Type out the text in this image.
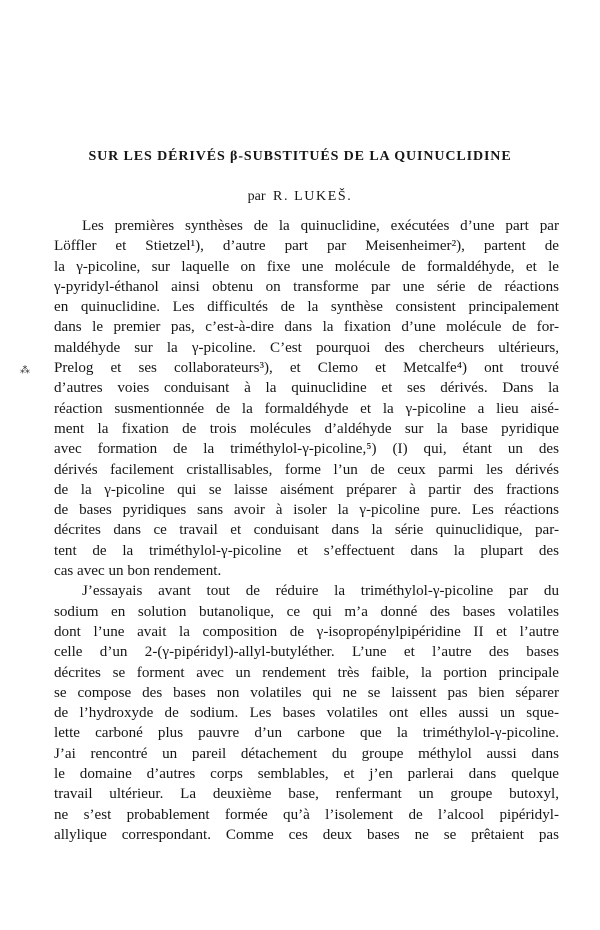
SUR LES DÉRIVÉS β-SUBSTITUÉS DE LA QUINUCLIDINE
par R. LUKEŠ.
⁂
Les premières synthèses de la quinuclidine, exécutées d’une part par
Löffler et Stietzel¹), d’autre part par Meisenheimer²), partent de
la γ-picoline, sur laquelle on fixe une molécule de formaldéhyde, et le
γ-pyridyl-éthanol ainsi obtenu on transforme par une série de réactions
en quinuclidine. Les difficultés de la synthèse consistent principalement
dans le premier pas, c’est-à-dire dans la fixation d’une molécule de for-
maldéhyde sur la γ-picoline. C’est pourquoi des chercheurs ultérieurs,
Prelog et ses collaborateurs³), et Clemo et Metcalfe⁴) ont trouvé
d’autres voies conduisant à la quinuclidine et ses dérivés. Dans la
réaction susmentionnée de la formaldéhyde et la γ-picoline a lieu aisé-
ment la fixation de trois molécules d’aldéhyde sur la base pyridique
avec formation de la triméthylol-γ-picoline,⁵) (I) qui, étant un des
dérivés facilement cristallisables, forme l’un de ceux parmi les dérivés
de la γ-picoline qui se laisse aisément préparer à partir des fractions
de bases pyridiques sans avoir à isoler la γ-picoline pure. Les réactions
décrites dans ce travail et conduisant dans la série quinuclidique, par-
tent de la triméthylol-γ-picoline et s’effectuent dans la plupart des
cas avec un bon rendement.
J’essayais avant tout de réduire la triméthylol-γ-picoline par du
sodium en solution butanolique, ce qui m’a donné des bases volatiles
dont l’une avait la composition de γ-isopropénylpipéridine II et l’autre
celle d’un 2-(γ-pipéridyl)-allyl-butyléther. L’une et l’autre des bases
décrites se forment avec un rendement très faible, la portion principale
se compose des bases non volatiles qui ne se laissent pas bien séparer
de l’hydroxyde de sodium. Les bases volatiles ont elles aussi un sque-
lette carboné plus pauvre d’un carbone que la triméthylol-γ-picoline.
J’ai rencontré un pareil détachement du groupe méthylol aussi dans
le domaine d’autres corps semblables, et j’en parlerai dans quelque
travail ultérieur. La deuxième base, renfermant un groupe butoxyl,
ne s’est probablement formée qu’à l’isolement de l’alcool pipéridyl-
allylique correspondant. Comme ces deux bases ne se prêtaient pas
